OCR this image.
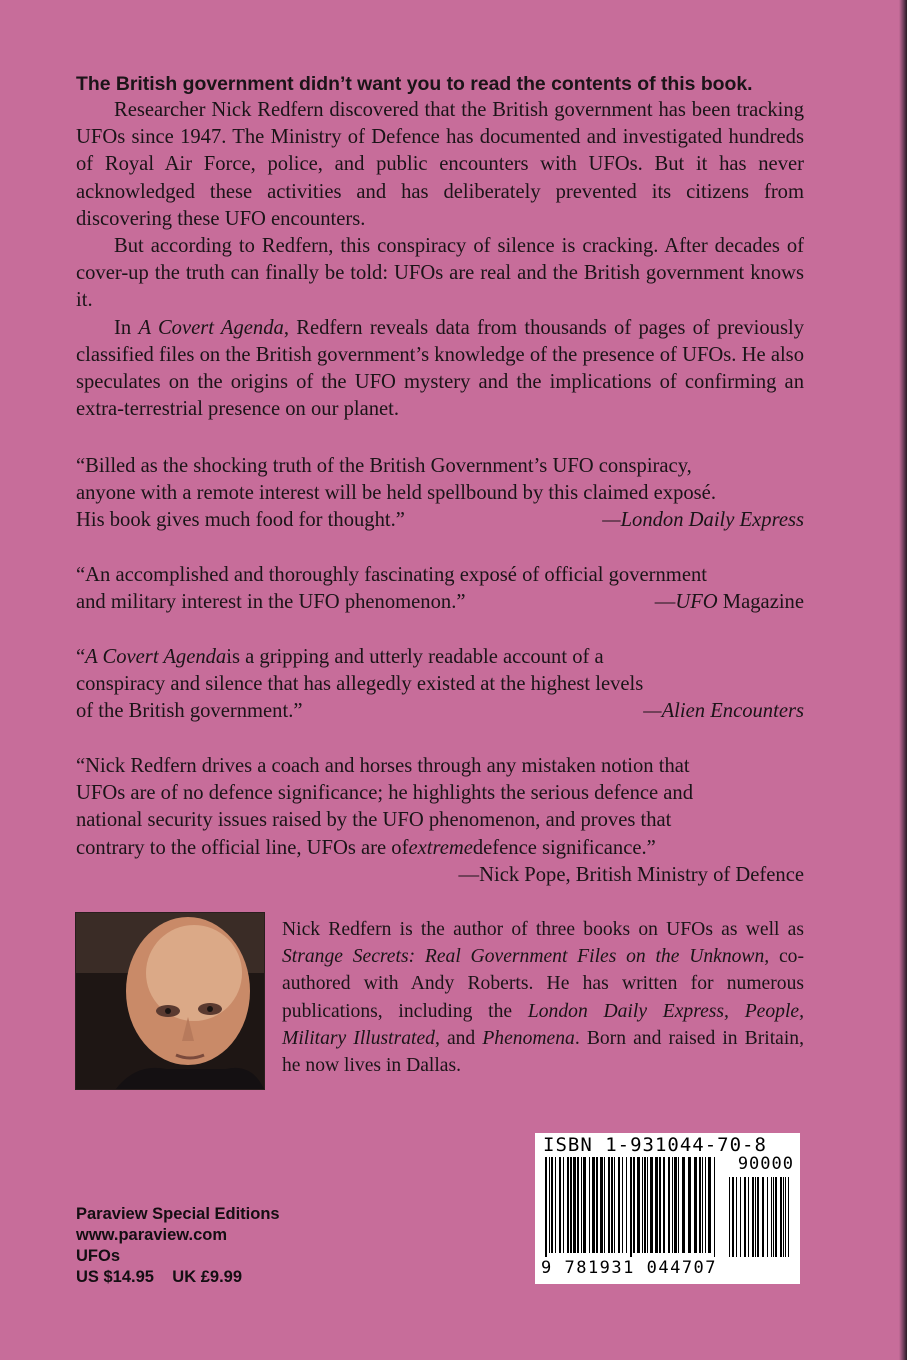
The British government didn’t want you to read the contents of this book.

Researcher Nick Redfern discovered that the British government has been tracking UFOs since 1947. The Ministry of Defence has documented and investigated hundreds of Royal Air Force, police, and public encounters with UFOs. But it has never acknowledged these activities and has deliberately prevented its citizens from discovering these UFO encounters.

But according to Redfern, this conspiracy of silence is cracking. After decades of cover-up the truth can finally be told: UFOs are real and the British government knows it.

In A Covert Agenda, Redfern reveals data from thousands of pages of previously classified files on the British government’s knowledge of the presence of UFOs. He also speculates on the origins of the UFO mystery and the implications of confirming an extra-terrestrial presence on our planet.

“Billed as the shocking truth of the British Government’s UFO conspiracy,
anyone with a remote interest will be held spellbound by this claimed exposé.
His book gives much food for thought.”	—London Daily Express
“An accomplished and thoroughly fascinating exposé of official government
and military interest in the UFO phenomenon.”	—UFO Magazine
“ A Covert Agenda is a gripping and utterly readable account of a
conspiracy and silence that has allegedly existed at the highest levels
of the British government.”	—Alien Encounters
“Nick Redfern drives a coach and horses through any mistaken notion that
UFOs are of no defence significance; he highlights the serious defence and
national security issues raised by the UFO phenomenon, and proves that
contrary to the official line, UFOs are of extreme defence significance.”
—Nick Pope, British Ministry of Defence
Nick Redfern is the author of three books on UFOs as well as Strange Secrets: Real Government Files on the Unknown, co-authored with Andy Roberts. He has written for numerous publications, including the London Daily Express, People, Military Illustrated, and Phenomena. Born and raised in Britain, he now lives in Dallas.
Paraview Special Editions
www.paraview.com
UFOs
US $14.95    UK £9.99
ISBN 1-931044-70-8
90000
9 781931 044707
